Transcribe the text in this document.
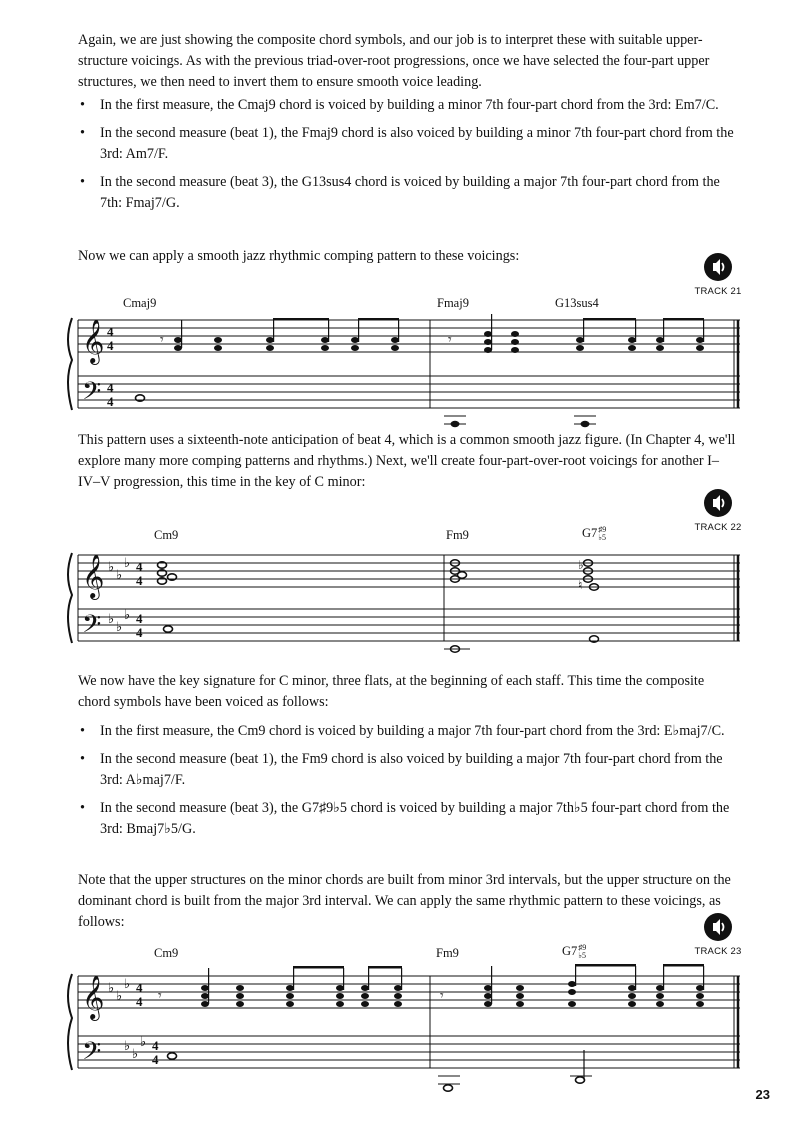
Again, we are just showing the composite chord symbols, and our job is to interpret these with suitable upper-structure voicings. As with the previous triad-over-root progressions, once we have selected the four-part upper structures, we then need to invert them to ensure smooth voice leading.

• In the first measure, the Cmaj9 chord is voiced by building a minor 7th four-part chord from the 3rd: Em7/C.
• In the second measure (beat 1), the Fmaj9 chord is also voiced by building a minor 7th four-part chord from the 3rd: Am7/F.
• In the second measure (beat 3), the G13sus4 chord is voiced by building a major 7th four-part chord from the 7th: Fmaj7/G.

Now we can apply a smooth jazz rhythmic comping pattern to these voicings:

TRACK 21
Cmaj9	Fmaj9	G13sus4
𝄞
𝄢
4
4
4
4
𝄾	𝄾

This pattern uses a sixteenth-note anticipation of beat 4, which is a common smooth jazz figure. (In Chapter 4, we'll explore many more comping patterns and rhythms.) Next, we'll create four-part-over-root voicings for another I–IV–V progression, this time in the key of C minor:

TRACK 22
Cm9	Fm9	G7♯9
♭5
𝄞
𝄢
♭
♭
♭
♭
♭
♭
4
4
4
4
♭
♮

We now have the key signature for C minor, three flats, at the beginning of each staff. This time the composite chord symbols have been voiced as follows:

• In the first measure, the Cm9 chord is voiced by building a major 7th four-part chord from the 3rd: E♭maj7/C.
• In the second measure (beat 1), the Fm9 chord is also voiced by building a major 7th four-part chord from the 3rd: A♭maj7/F.
• In the second measure (beat 3), the G7♯9♭5 chord is voiced by building a major 7th♭5 four-part chord from the 3rd: Bmaj7♭5/G.

Note that the upper structures on the minor chords are built from minor 3rd intervals, but the upper structure on the dominant chord is built from the major 3rd interval. We can apply the same rhythmic pattern to these voicings, as follows:

TRACK 23
Cm9	Fm9	G7♯9
♭5
𝄞
𝄢
♭
♭
♭
♭
♭
♭
4
4
4
4
𝄾	𝄾
23
